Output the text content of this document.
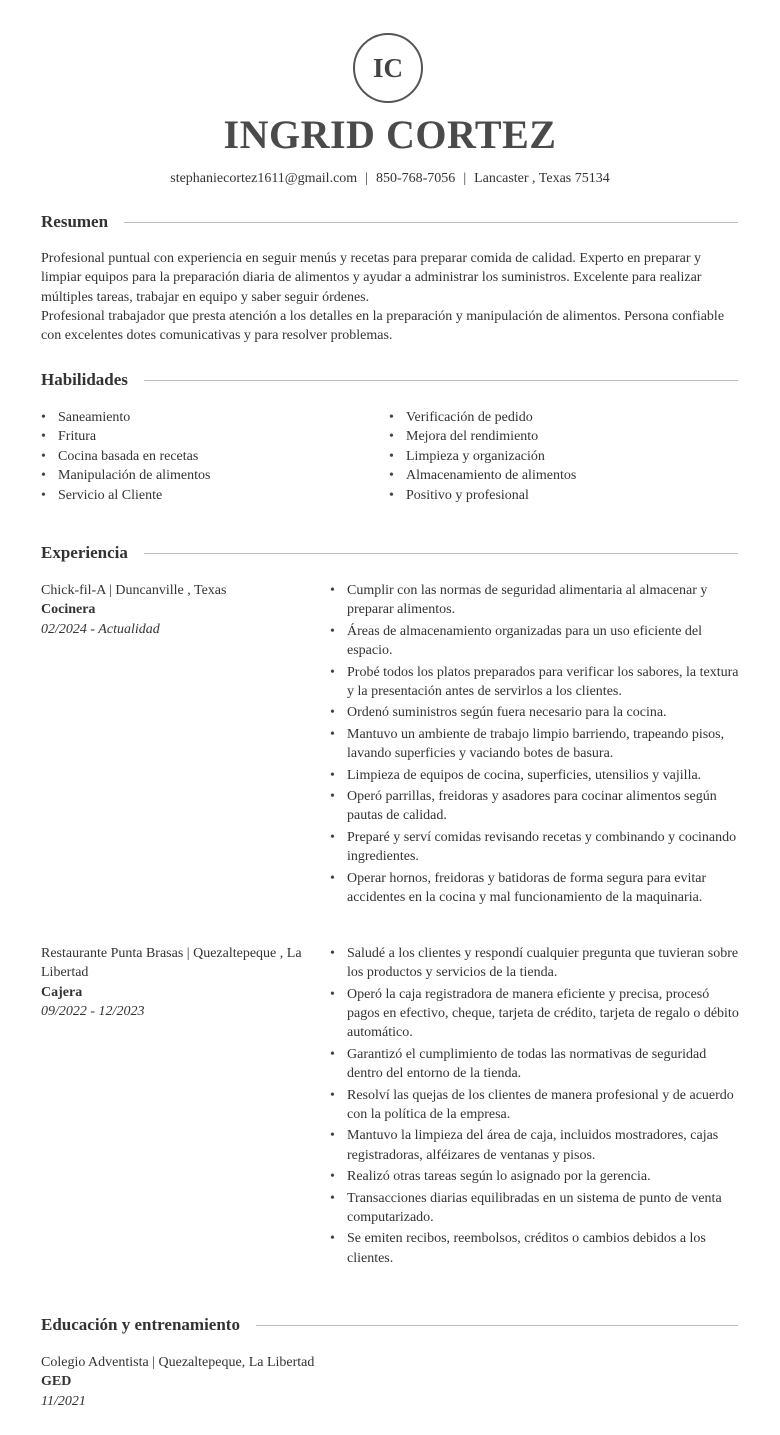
IC
INGRID CORTEZ
stephaniecortez1611@gmail.com | 850-768-7056 | Lancaster , Texas 75134
Resumen

Profesional puntual con experiencia en seguir menús y recetas para preparar comida de calidad. Experto en preparar y limpiar equipos para la preparación diaria de alimentos y ayudar a administrar los suministros. Excelente para realizar múltiples tareas, trabajar en equipo y saber seguir órdenes.

Profesional trabajador que presta atención a los detalles en la preparación y manipulación de alimentos. Persona confiable con excelentes dotes comunicativas y para resolver problemas.

Habilidades
• Saneamiento
• Fritura
• Cocina basada en recetas
• Manipulación de alimentos
• Servicio al Cliente
• Verificación de pedido
• Mejora del rendimiento
• Limpieza y organización
• Almacenamiento de alimentos
• Positivo y profesional
Experiencia
Chick-fil-A | Duncanville , Texas
Cocinera
02/2024 - Actualidad
• Cumplir con las normas de seguridad alimentaria al almacenar y preparar alimentos.
• Áreas de almacenamiento organizadas para un uso eficiente del espacio.
• Probé todos los platos preparados para verificar los sabores, la textura y la presentación antes de servirlos a los clientes.
• Ordenó suministros según fuera necesario para la cocina.
• Mantuvo un ambiente de trabajo limpio barriendo, trapeando pisos, lavando superficies y vaciando botes de basura.
• Limpieza de equipos de cocina, superficies, utensilios y vajilla.
• Operó parrillas, freidoras y asadores para cocinar alimentos según pautas de calidad.
• Preparé y serví comidas revisando recetas y combinando y cocinando ingredientes.
• Operar hornos, freidoras y batidoras de forma segura para evitar accidentes en la cocina y mal funcionamiento de la maquinaria.
Restaurante Punta Brasas | Quezaltepeque , La Libertad
Cajera
09/2022 - 12/2023
• Saludé a los clientes y respondí cualquier pregunta que tuvieran sobre los productos y servicios de la tienda.
• Operó la caja registradora de manera eficiente y precisa, procesó pagos en efectivo, cheque, tarjeta de crédito, tarjeta de regalo o débito automático.
• Garantizó el cumplimiento de todas las normativas de seguridad dentro del entorno de la tienda.
• Resolví las quejas de los clientes de manera profesional y de acuerdo con la política de la empresa.
• Mantuvo la limpieza del área de caja, incluidos mostradores, cajas registradoras, alféizares de ventanas y pisos.
• Realizó otras tareas según lo asignado por la gerencia.
• Transacciones diarias equilibradas en un sistema de punto de venta computarizado.
• Se emiten recibos, reembolsos, créditos o cambios debidos a los clientes.
Educación y entrenamiento
Colegio Adventista | Quezaltepeque, La Libertad
GED
11/2021
